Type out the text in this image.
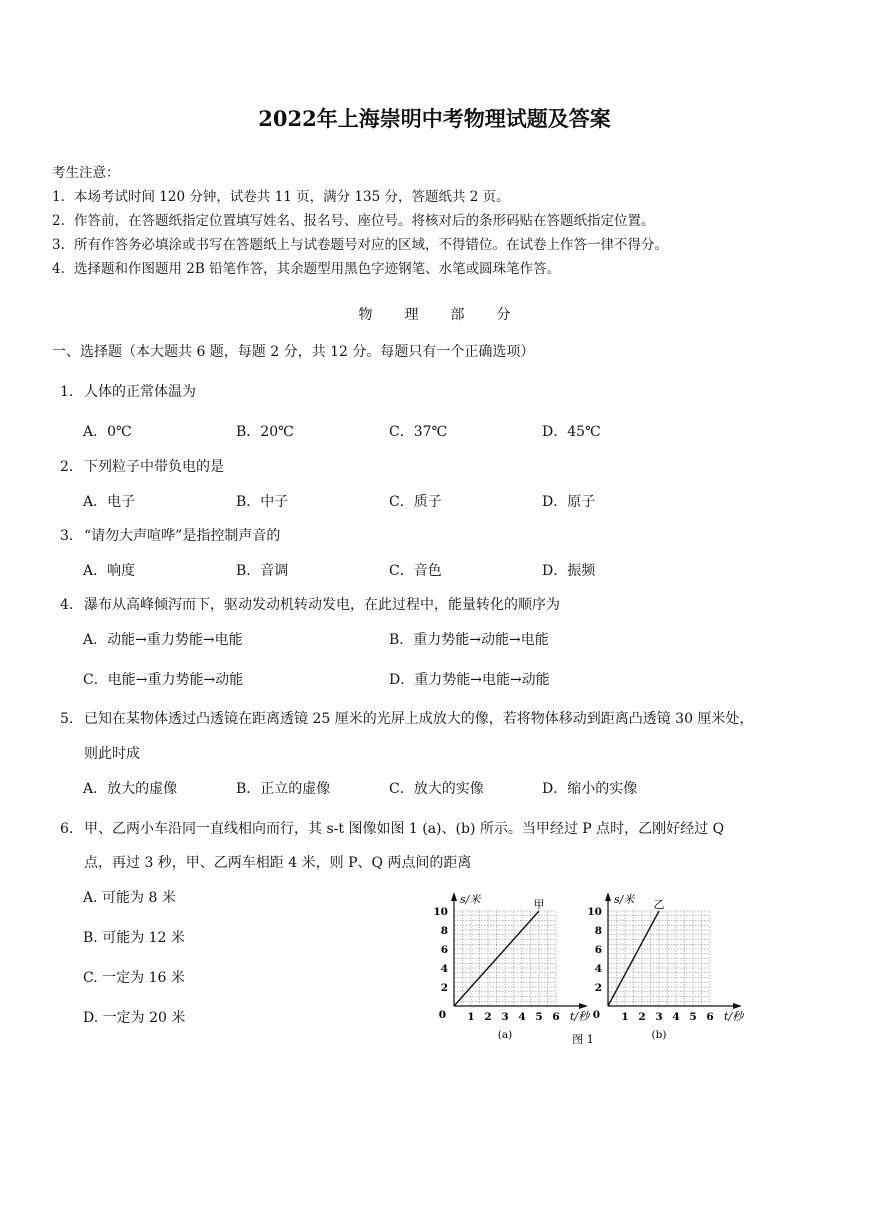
2022年上海崇明中考物理试题及答案
考生注意：
1. 本场考试时间 120 分钟，试卷共 11 页，满分 135 分，答题纸共 2 页。
2. 作答前，在答题纸指定位置填写姓名、报名号、座位号。将核对后的条形码贴在答题纸指定位置。
3. 所有作答务必填涂或书写在答题纸上与试卷题号对应的区域，不得错位。在试卷上作答一律不得分。
4. 选择题和作图题用 2B 铅笔作答，其余题型用黑色字迹钢笔、水笔或圆珠笔作答。
物理部分
一、选择题（本大题共 6 题，每题 2 分，共 12 分。每题只有一个正确选项）
1. 人体的正常体温为
A．0℃	B．20℃	C．37℃	D．45℃
2．下列粒子中带负电的是
A．电子	B．中子	C．质子	D．原子
3．“请勿大声喧哗”是指控制声音的
A．响度	B．音调	C．音色	D．振频
4．瀑布从高峰倾泻而下，驱动发动机转动发电，在此过程中，能量转化的顺序为
A．动能→重力势能→电能	B．重力势能→动能→电能
C．电能→重力势能→动能	D．重力势能→电能→动能
5. 已知在某物体透过凸透镜在距离透镜 25 厘米的光屏上成放大的像，若将物体移动到距离凸透镜 30 厘米处，
则此时成
A．放大的虚像	B．正立的虚像	C．放大的实像	D．缩小的实像
6. 甲、乙两小车沿同一直线相向而行，其 s-t 图像如图 1 (a)、(b) 所示。当甲经过 P 点时，乙刚好经过 Q
点，再过 3 秒，甲、乙两车相距 4 米，则 P、Q 两点间的距离
A. 可能为 8 米
B. 可能为 12 米
C. 一定为 16 米
D. 一定为 20 米	1 2 3 4 5 6
2
4
6
8
10
0
s/米
t/秒
甲
(a)
1 2 3 4 5 6
2
4
6
8
10
0
s/米
t/秒
乙
(b)
图 1
